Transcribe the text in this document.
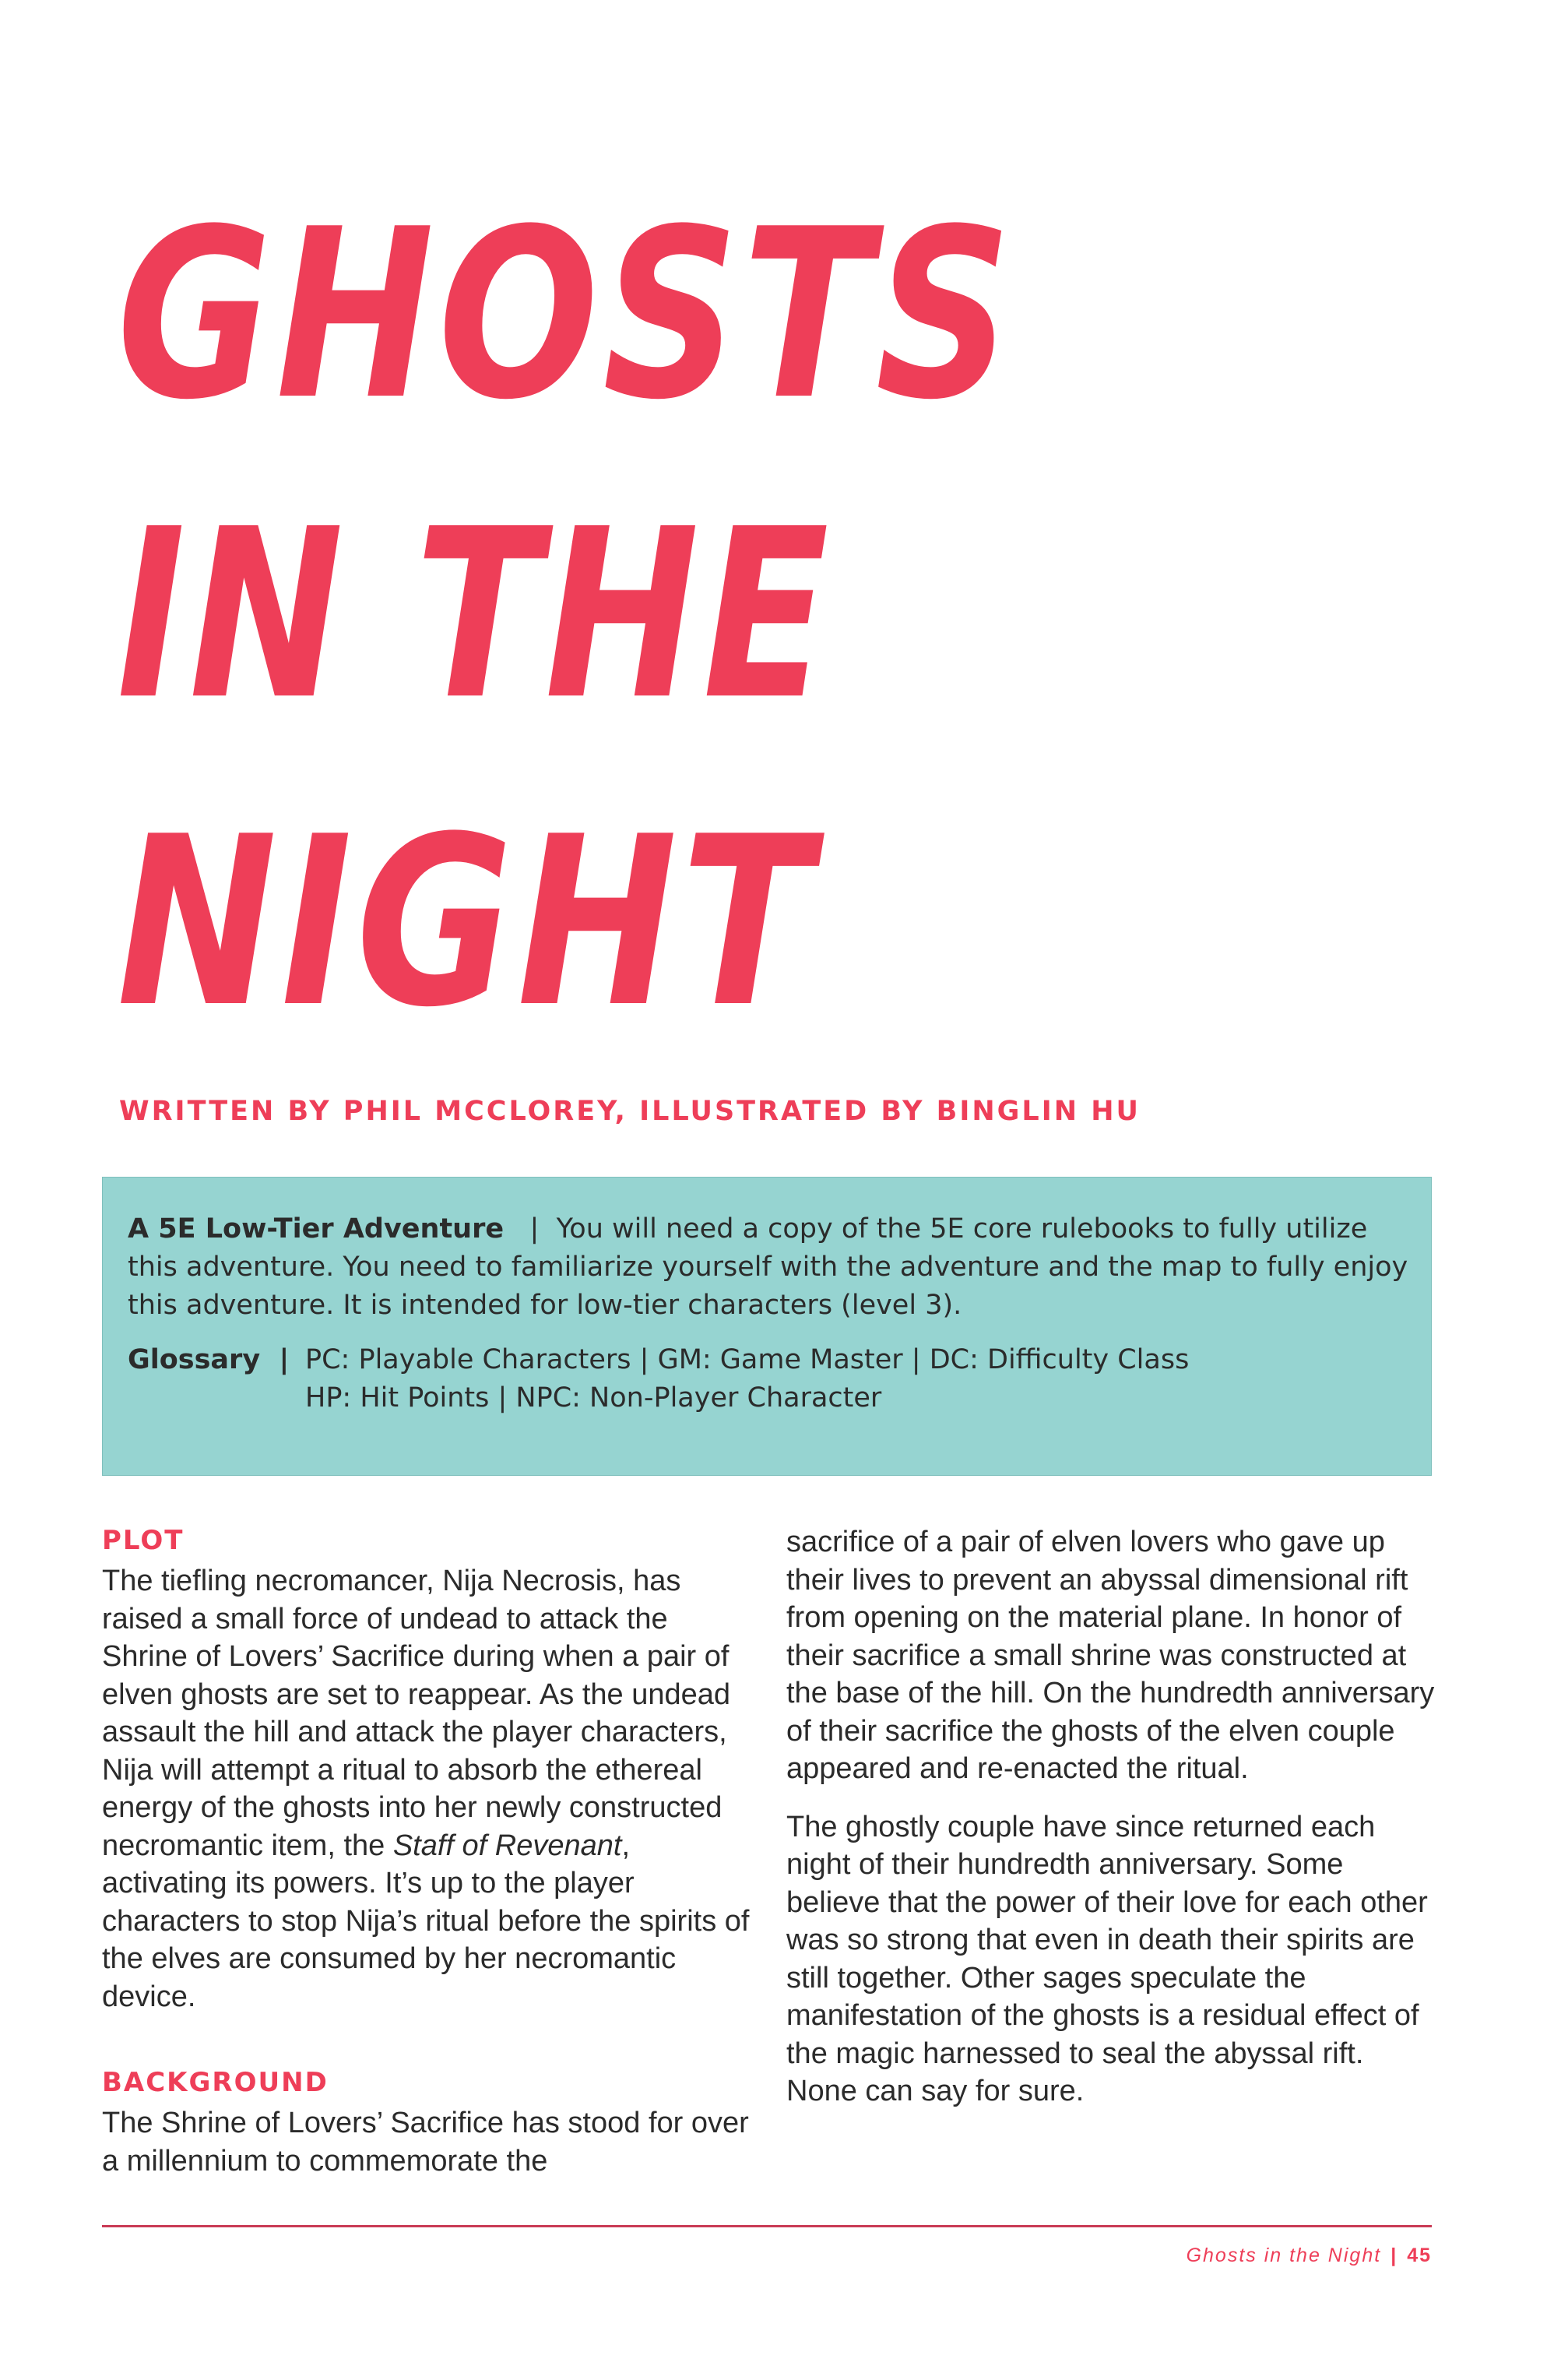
GHOSTS
IN THE
NIGHT
WRITTEN BY PHIL MCCLOREY, ILLUSTRATED BY BINGLIN HU

A 5E Low-Tier Adventure | You will need a copy of the 5E core rulebooks to fully utilize this adventure. You need to familiarize yourself with the adventure and the map to fully enjoy this adventure. It is intended for low-tier characters (level 3).

Glossary | PC: Playable Characters | GM: Game Master | DC: Difficulty Class
HP: Hit Points | NPC: Non-Player Character
PLOT

The tiefling necromancer, Nija Necrosis, has raised a small force of undead to attack the Shrine of Lovers’ Sacrifice during when a pair of elven ghosts are set to reappear. As the undead assault the hill and attack the player characters, Nija will attempt a ritual to absorb the ethereal energy of the ghosts into her newly constructed necromantic item, the Staff of Revenant, activating its powers. It’s up to the player characters to stop Nija’s ritual before the spirits of the elves are consumed by her necromantic device.

BACKGROUND

The Shrine of Lovers’ Sacrifice has stood for over a millennium to commemorate the

sacrifice of a pair of elven lovers who gave up their lives to prevent an abyssal dimensional rift from opening on the material plane. In honor of their sacrifice a small shrine was constructed at the base of the hill. On the hundredth anniversary of their sacrifice the ghosts of the elven couple appeared and re-enacted the ritual.

The ghostly couple have since returned each night of their hundredth anniversary. Some believe that the power of their love for each other was so strong that even in death their spirits are still together. Other sages speculate the manifestation of the ghosts is a residual effect of the magic harnessed to seal the abyssal rift. None can say for sure.

Ghosts in the Night | 45
